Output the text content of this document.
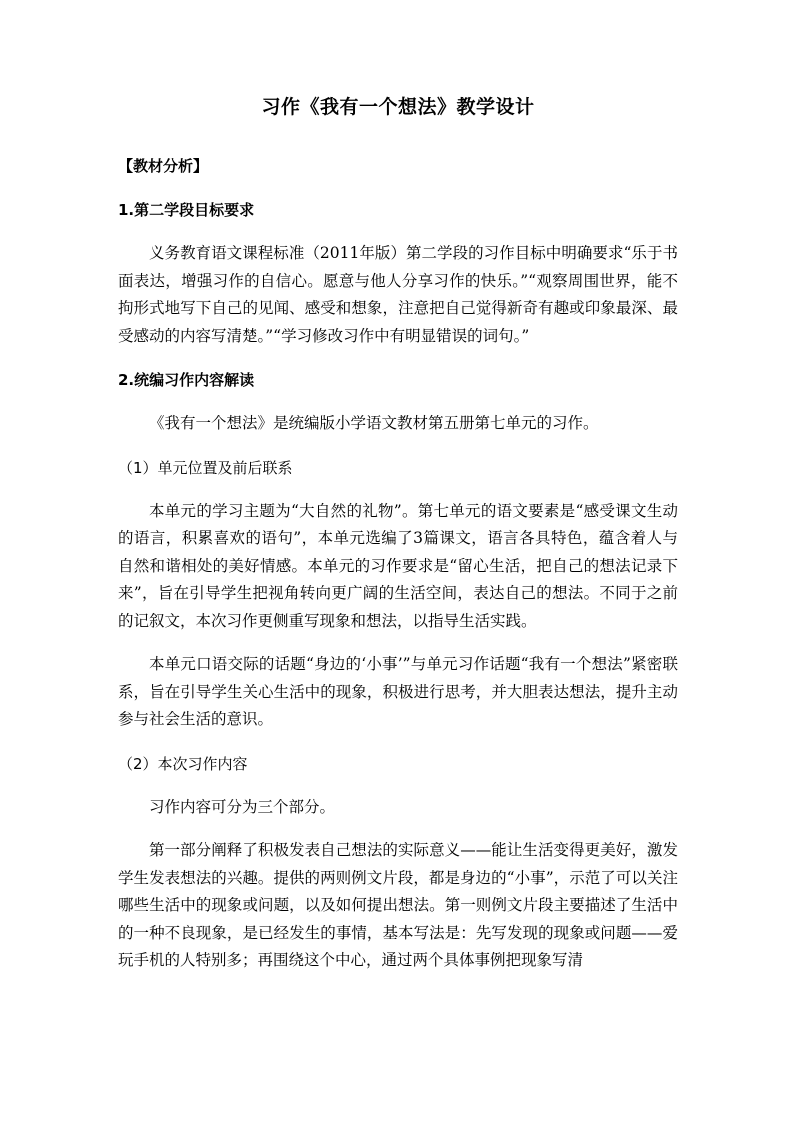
习作《我有一个想法》教学设计
【教材分析】
1.第二学段目标要求

义务教育语文课程标准（2011年版）第二学段的习作目标中明确要求“乐于书面表达，增强习作的自信心。愿意与他人分享习作的快乐。”“观察周围世界，能不拘形式地写下自己的见闻、感受和想象，注意把自己觉得新奇有趣或印象最深、最受感动的内容写清楚。”“学习修改习作中有明显错误的词句。”

2.统编习作内容解读

《我有一个想法》是统编版小学语文教材第五册第七单元的习作。

（1）单元位置及前后联系

本单元的学习主题为“大自然的礼物”。第七单元的语文要素是“感受课文生动的语言，积累喜欢的语句”，本单元选编了3篇课文，语言各具特色，蕴含着人与自然和谐相处的美好情感。本单元的习作要求是“留心生活，把自己的想法记录下来”，旨在引导学生把视角转向更广阔的生活空间，表达自己的想法。不同于之前的记叙文，本次习作更侧重写现象和想法，以指导生活实践。

本单元口语交际的话题“身边的‘小事’”与单元习作话题“我有一个想法”紧密联系，旨在引导学生关心生活中的现象，积极进行思考，并大胆表达想法，提升主动参与社会生活的意识。

（2）本次习作内容

习作内容可分为三个部分。

第一部分阐释了积极发表自己想法的实际意义——能让生活变得更美好，激发学生发表想法的兴趣。提供的两则例文片段，都是身边的“小事”，示范了可以关注哪些生活中的现象或问题，以及如何提出想法。第一则例文片段主要描述了生活中的一种不良现象，是已经发生的事情，基本写法是：先写发现的现象或问题——爱玩手机的人特别多；再围绕这个中心，通过两个具体事例把现象写清
